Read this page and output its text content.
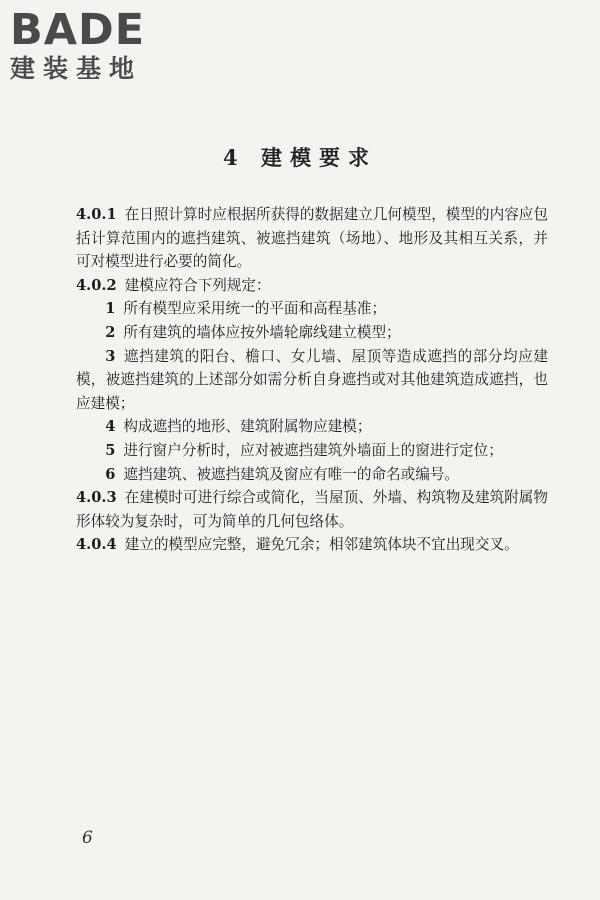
BADE
建装基地
4 建模要求

4.0.1 在日照计算时应根据所获得的数据建立几何模型，模型的内容应包括计算范围内的遮挡建筑、被遮挡建筑（场地）、地形及其相互关系，并可对模型进行必要的简化。

4.0.2 建模应符合下列规定：

1 所有模型应采用统一的平面和高程基准；

2 所有建筑的墙体应按外墙轮廓线建立模型；

3 遮挡建筑的阳台、檐口、女儿墙、屋顶等造成遮挡的部分均应建模，被遮挡建筑的上述部分如需分析自身遮挡或对其他建筑造成遮挡，也应建模；

4 构成遮挡的地形、建筑附属物应建模；

5 进行窗户分析时，应对被遮挡建筑外墙面上的窗进行定位；

6 遮挡建筑、被遮挡建筑及窗应有唯一的命名或编号。

4.0.3 在建模时可进行综合或简化，当屋顶、外墙、构筑物及建筑附属物形体较为复杂时，可为简单的几何包络体。

4.0.4 建立的模型应完整，避免冗余；相邻建筑体块不宜出现交叉。

6
